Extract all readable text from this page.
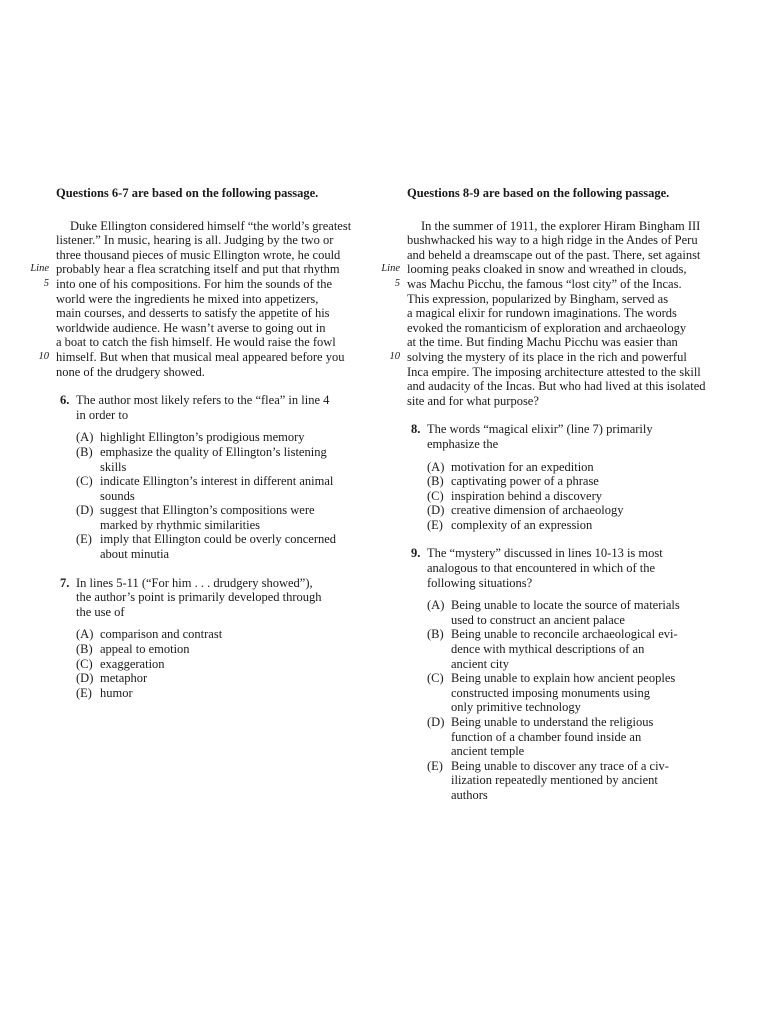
Questions 6-7 are based on the following passage.
Duke Ellington considered himself “the world’s greatest
listener.” In music, hearing is all. Judging by the two or
three thousand pieces of music Ellington wrote, he could
Line probably hear a flea scratching itself and put that rhythm
5 into one of his compositions. For him the sounds of the
world were the ingredients he mixed into appetizers,
main courses, and desserts to satisfy the appetite of his
worldwide audience. He wasn’t averse to going out in
a boat to catch the fish himself. He would raise the fowl
10 himself. But when that musical meal appeared before you
none of the drudgery showed.
6. The author most likely refers to the “flea” in line 4
in order to
(A) highlight Ellington’s prodigious memory
(B) emphasize the quality of Ellington’s listening
skills
(C) indicate Ellington’s interest in different animal
sounds
(D) suggest that Ellington’s compositions were
marked by rhythmic similarities
(E) imply that Ellington could be overly concerned
about minutia
7. In lines 5-11 (“For him . . . drudgery showed”),
the author’s point is primarily developed through
the use of
(A) comparison and contrast
(B) appeal to emotion
(C) exaggeration
(D) metaphor
(E) humor
Questions 8-9 are based on the following passage.
In the summer of 1911, the explorer Hiram Bingham III
bushwhacked his way to a high ridge in the Andes of Peru
and beheld a dreamscape out of the past. There, set against
Line looming peaks cloaked in snow and wreathed in clouds,
5 was Machu Picchu, the famous “lost city” of the Incas.
This expression, popularized by Bingham, served as
a magical elixir for rundown imaginations. The words
evoked the romanticism of exploration and archaeology
at the time. But finding Machu Picchu was easier than
10 solving the mystery of its place in the rich and powerful
Inca empire. The imposing architecture attested to the skill
and audacity of the Incas. But who had lived at this isolated
site and for what purpose?
8. The words “magical elixir” (line 7) primarily
emphasize the
(A) motivation for an expedition
(B) captivating power of a phrase
(C) inspiration behind a discovery
(D) creative dimension of archaeology
(E) complexity of an expression
9. The “mystery” discussed in lines 10-13 is most
analogous to that encountered in which of the
following situations?
(A) Being unable to locate the source of materials
used to construct an ancient palace
(B) Being unable to reconcile archaeological evi-
dence with mythical descriptions of an
ancient city
(C) Being unable to explain how ancient peoples
constructed imposing monuments using
only primitive technology
(D) Being unable to understand the religious
function of a chamber found inside an
ancient temple
(E) Being unable to discover any trace of a civ-
ilization repeatedly mentioned by ancient
authors
